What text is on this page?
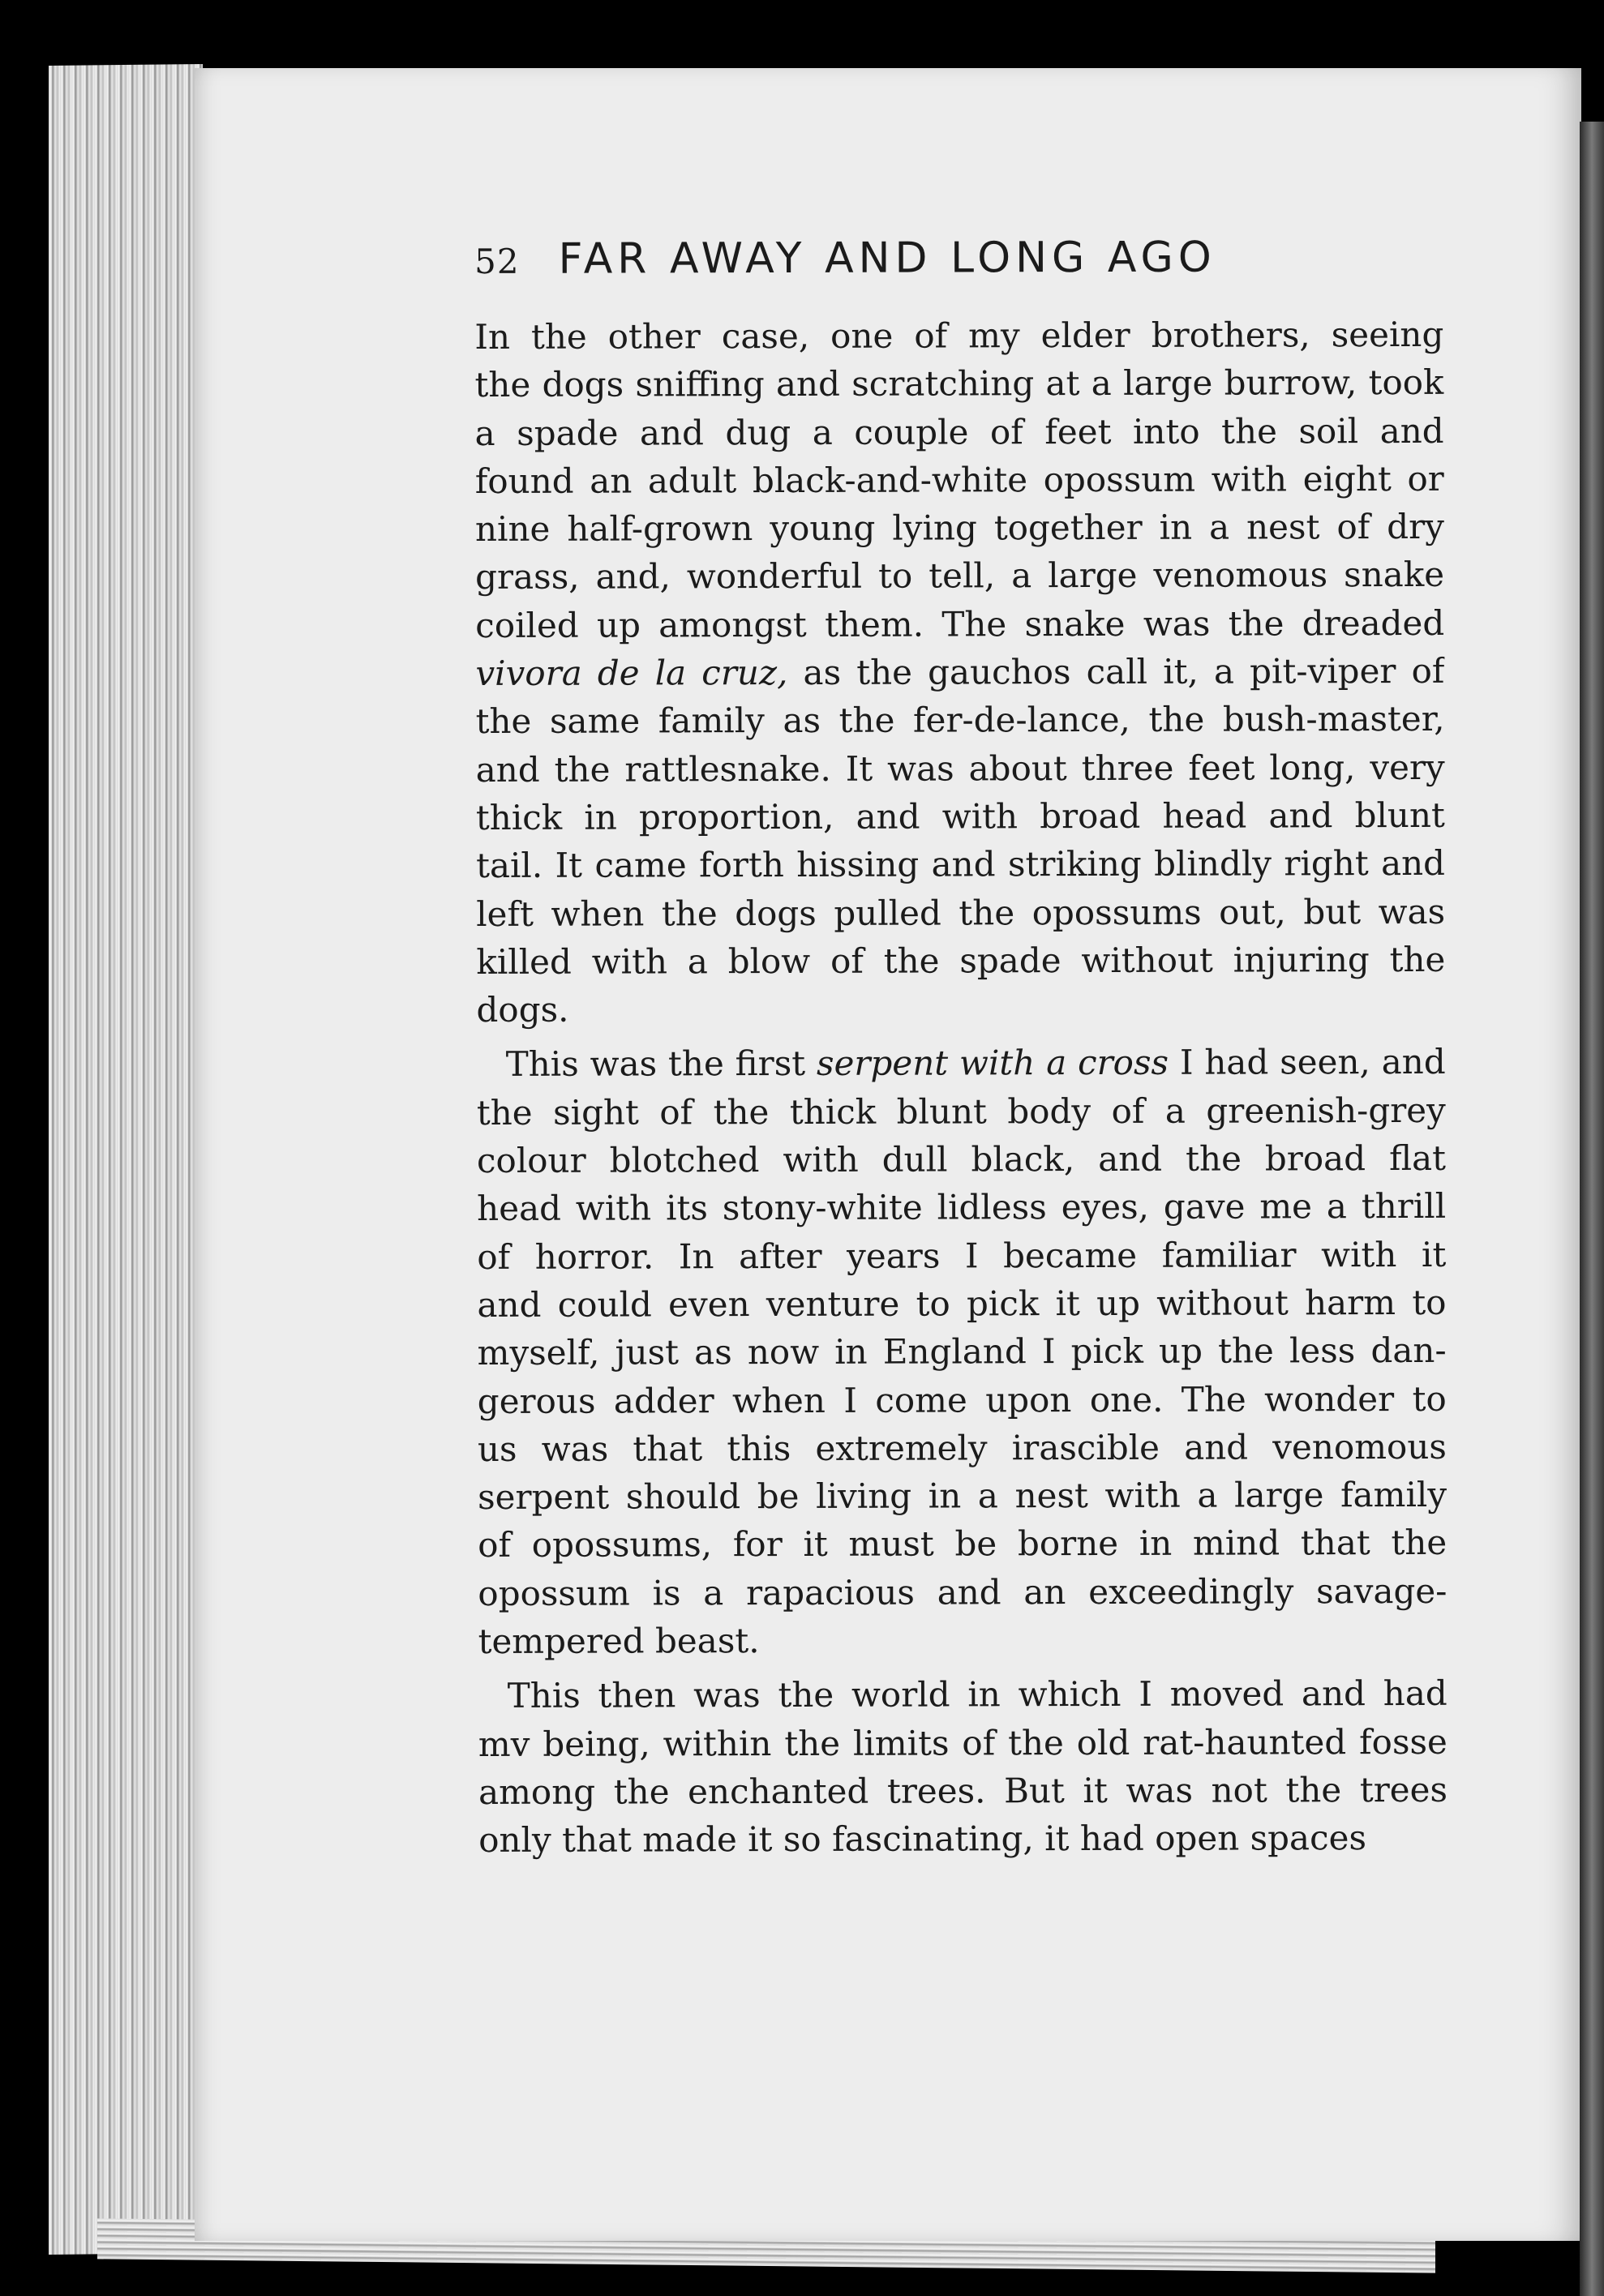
52 FAR AWAY AND LONG AGO
In the other case, one of my elder brothers, seeing
the dogs sniffing and scratching at a large burrow, took
a spade and dug a couple of feet into the soil and
found an adult black-and-white opossum with eight or
nine half-grown young lying together in a nest of dry
grass, and, wonderful to tell, a large venomous snake
coiled up amongst them. The snake was the dreaded
vivora de la cruz, as the gauchos call it, a pit-viper of
the same family as the fer-de-lance, the bush-master,
and the rattlesnake. It was about three feet long, very
thick in proportion, and with broad head and blunt
tail. It came forth hissing and striking blindly right and
left when the dogs pulled the opossums out, but was
killed with a blow of the spade without injuring the
dogs.
This was the first serpent with a cross I had seen, and
the sight of the thick blunt body of a greenish-grey
colour blotched with dull black, and the broad flat
head with its stony-white lidless eyes, gave me a thrill
of horror. In after years I became familiar with it
and could even venture to pick it up without harm to
myself, just as now in England I pick up the less dan-
gerous adder when I come upon one. The wonder to
us was that this extremely irascible and venomous
serpent should be living in a nest with a large family
of opossums, for it must be borne in mind that the
opossum is a rapacious and an exceedingly savage-
tempered beast.
This then was the world in which I moved and had
mv being, within the limits of the old rat-haunted fosse
among the enchanted trees. But it was not the trees
only that made it so fascinating, it had open spaces
